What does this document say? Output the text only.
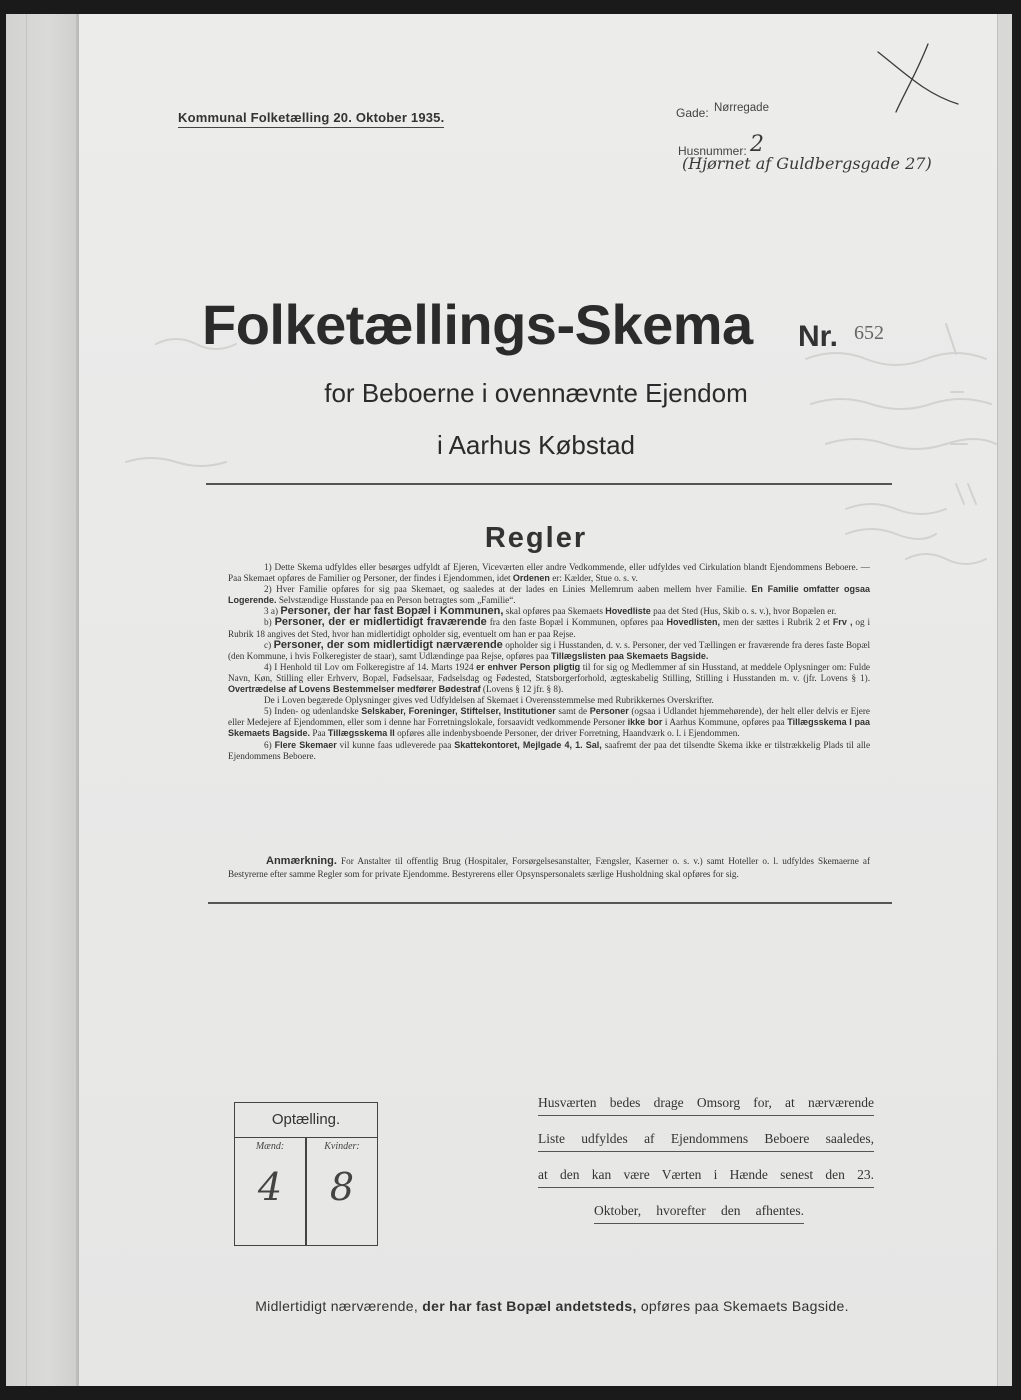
Kommunal Folketælling 20. Oktober 1935.	Gade: Nørregade
Husnummer: 2
(Hjørnet af Guldbergsgade 27)
Folketællings-Skema Nr. 652
for Beboerne i ovennævnte Ejendom
i Aarhus Købstad
Regler

1) Dette Skema udfyldes eller besørges udfyldt af Ejeren, Viceværten eller andre Vedkommende, eller udfyldes ved Cirkulation blandt Ejendommens Beboere. — Paa Skemaet opføres de Familier og Personer, der findes i Ejendommen, idet Ordenen er: Kælder, Stue o. s. v.

2) Hver Familie opføres for sig paa Skemaet, og saaledes at der lades en Linies Mellemrum aaben mellem hver Familie. En Familie omfatter ogsaa Logerende. Selvstændige Husstande paa en Person betragtes som „Familie“.

3 a) Personer, der har fast Bopæl i Kommunen, skal opføres paa Skemaets Hovedliste paa det Sted (Hus, Skib o. s. v.), hvor Bopælen er.

b) Personer, der er midlertidigt fraværende fra den faste Bopæl i Kommunen, opføres paa Hovedlisten, men der sættes i Rubrik 2 et Frv , og i Rubrik 18 angives det Sted, hvor han midlertidigt opholder sig, eventuelt om han er paa Rejse.

c) Personer, der som midlertidigt nærværende opholder sig i Husstanden, d. v. s. Personer, der ved Tællingen er fraværende fra deres faste Bopæl (den Kommune, i hvis Folkeregister de staar), samt Udlændinge paa Rejse, opføres paa Tillægslisten paa Skemaets Bagside.

4) I Henhold til Lov om Folkeregistre af 14. Marts 1924 er enhver Person pligtig til for sig og Medlemmer af sin Husstand, at meddele Oplysninger om: Fulde Navn, Køn, Stilling eller Erhverv, Bopæl, Fødselsaar, Fødselsdag og Fødested, Statsborgerforhold, ægteskabelig Stilling, Stilling i Husstanden m. v. (jfr. Lovens § 1). Overtrædelse af Lovens Bestemmelser medfører Bødestraf (Lovens § 12 jfr. § 8).

De i Loven begærede Oplysninger gives ved Udfyldelsen af Skemaet i Overensstemmelse med Rubrikkernes Overskrifter.

5) Inden- og udenlandske Selskaber, Foreninger, Stiftelser, Institutioner samt de Personer (ogsaa i Udlandet hjemmehørende), der helt eller delvis er Ejere eller Medejere af Ejendommen, eller som i denne har Forretningslokale, forsaavidt vedkommende Personer ikke bor i Aarhus Kommune, opføres paa Tillægsskema I paa Skemaets Bagside. Paa Tillægsskema II opføres alle indenbysboende Personer, der driver Forretning, Haandværk o. l. i Ejendommen.

6) Flere Skemaer vil kunne faas udleverede paa Skattekontoret, Mejlgade 4, 1. Sal, saafremt der paa det tilsendte Skema ikke er tilstrækkelig Plads til alle Ejendommens Beboere.

Anmærkning. For Anstalter til offentlig Brug (Hospitaler, Forsørgelsesanstalter, Fængsler, Kaserner o. s. v.) samt Hoteller o. l. udfyldes Skemaerne af Bestyrerne efter samme Regler som for private Ejendomme. Bestyrerens eller Opsynspersonalets særlige Husholdning skal opføres for sig.
Optælling.
Mænd:	Kvinder:
4	8
Husværten bedes drage Omsorg for, at nærværende
Liste udfyldes af Ejendommens Beboere saaledes,
at den kan være Værten i Hænde senest den 23.
Oktober, hvorefter den afhentes.
Midlertidigt nærværende, der har fast Bopæl andetsteds, opføres paa Skemaets Bagside.
